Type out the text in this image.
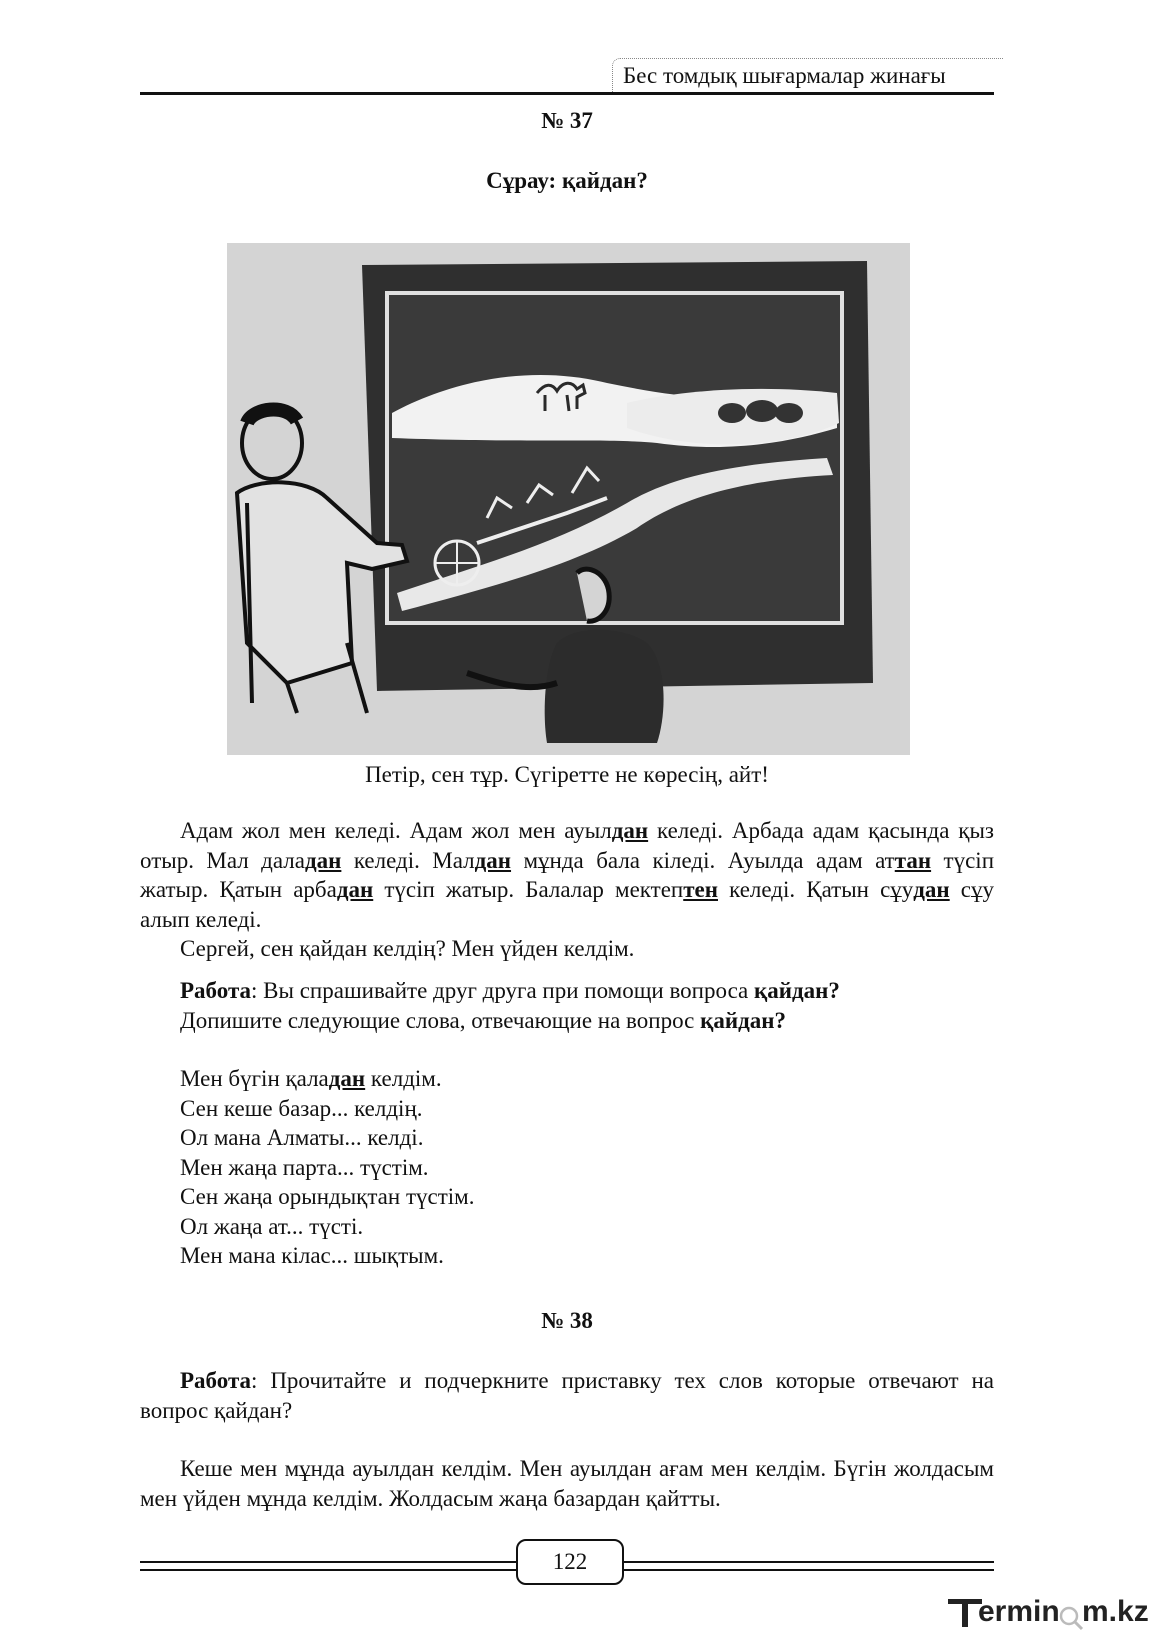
Бес томдық шығармалар жинағы
№ 37
Сұрау: қайдан?
Петір, сен тұр. Сүгіретте не көресің, айт!

Адам жол мен келеді. Адам жол мен ауылдан келеді. Арбада адам қасында қыз отыр. Мал даладан келеді. Малдан мұнда бала кіледі. Ауылда адам аттан түсіп жатыр. Қатын арбадан түсіп жатыр. Балалар мектептен келеді. Қатын сұудан сұу алып келеді.

Сергей, сен қайдан келдің? Мен үйден келдім.

Работа: Вы спрашивайте друг друга при помощи вопроса қайдан?

Допишите следующие слова, отвечающие на вопрос қайдан?

Мен бүгін қаладан келдім.

Сен кеше базар... келдің.

Ол мана Алматы... келді.

Мен жаңа парта... түстім.

Сен жаңа орындықтан түстім.

Ол жаңа ат... түсті.

Мен мана кілас... шықтым.

№ 38

Работа: Прочитайте и подчеркните приставку тех слов которые отвечают на вопрос қайдан?

Кеше мен мұнда ауылдан келдім. Мен ауылдан ағам мен келдім. Бүгін жолдасым мен үйден мұнда келдім. Жолдасым жаңа базардан қайтты.

122
ermin m.kz
